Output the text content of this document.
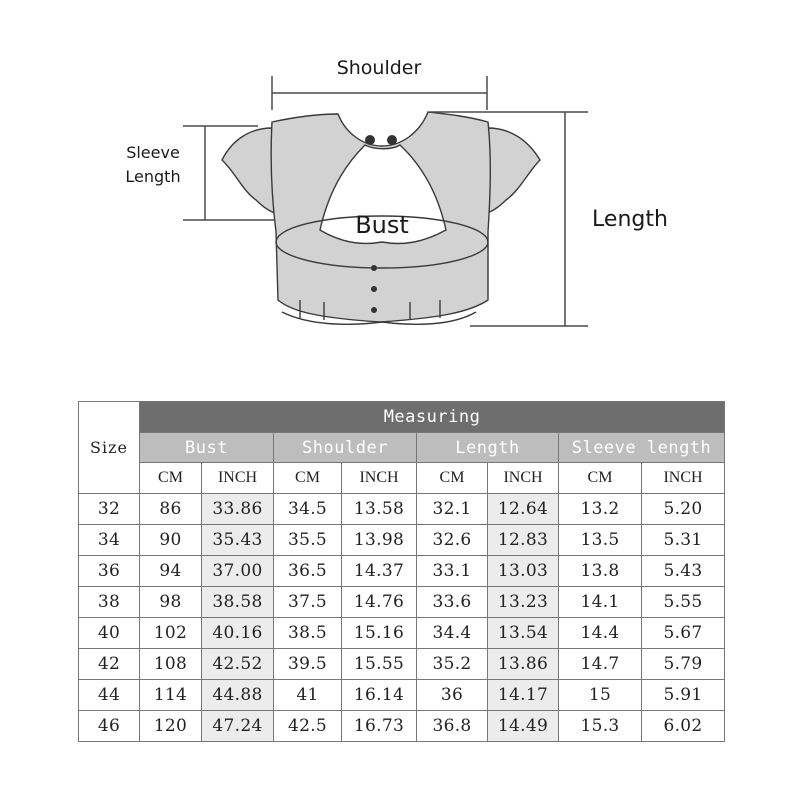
Shoulder
Sleeve
Length
Bust	Length
Size	Measuring							
	Bust		Shoulder		Length		Sleeve length	
	CM	INCH	CM	INCH	CM	INCH	CM	INCH
32	86	33.86	34.5	13.58	32.1	12.64	13.2	5.20
34	90	35.43	35.5	13.98	32.6	12.83	13.5	5.31
36	94	37.00	36.5	14.37	33.1	13.03	13.8	5.43
38	98	38.58	37.5	14.76	33.6	13.23	14.1	5.55
40	102	40.16	38.5	15.16	34.4	13.54	14.4	5.67
42	108	42.52	39.5	15.55	35.2	13.86	14.7	5.79
44	114	44.88	41	16.14	36	14.17	15	5.91
46	120	47.24	42.5	16.73	36.8	14.49	15.3	6.02
